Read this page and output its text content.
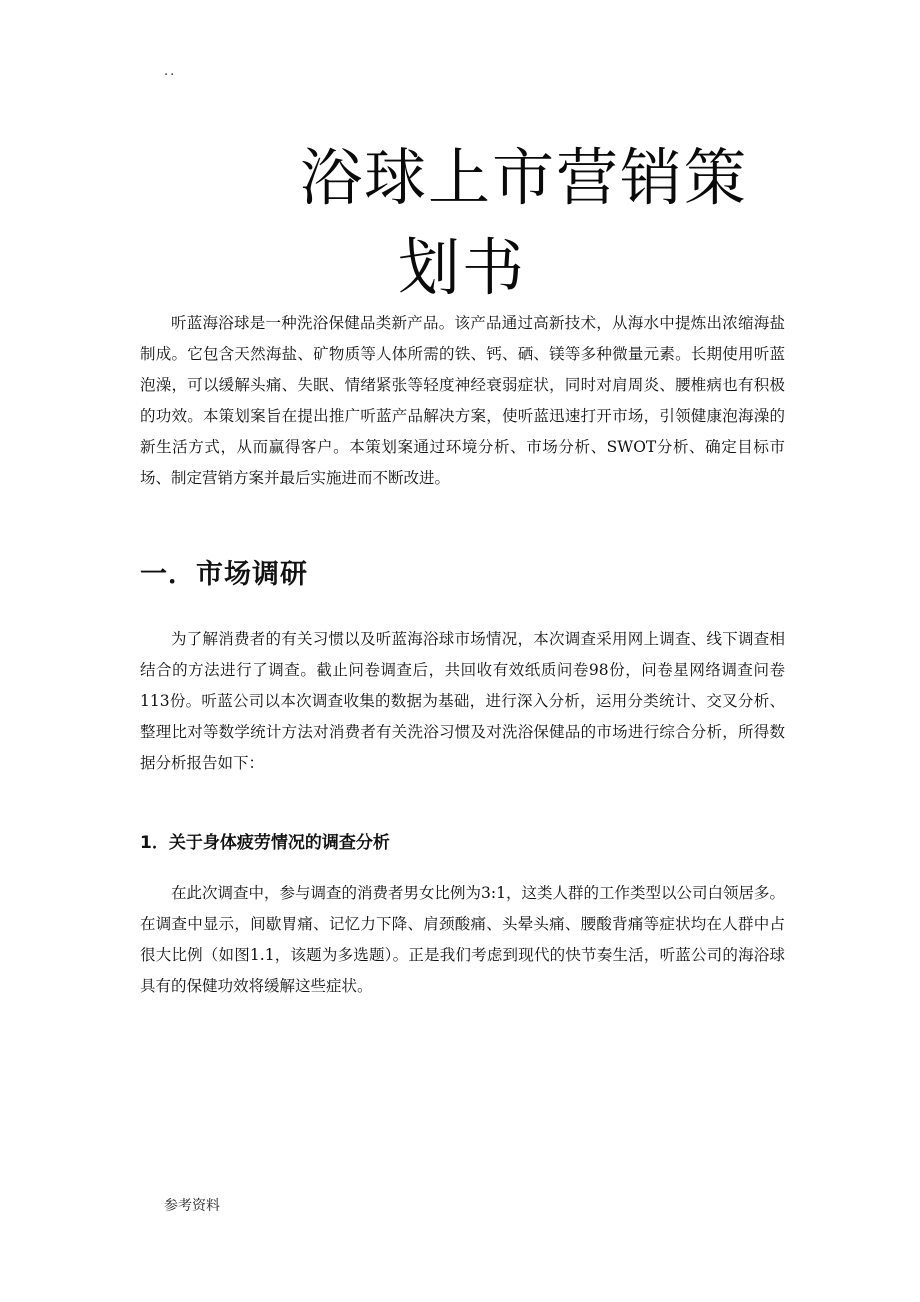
..
浴球上市营销策
划书

听蓝海浴球是一种洗浴保健品类新产品。该产品通过高新技术，从海水中提炼出浓缩海盐制成。它包含天然海盐、矿物质等人体所需的铁、钙、硒、镁等多种微量元素。长期使用听蓝泡澡，可以缓解头痛、失眠、情绪紧张等轻度神经衰弱症状，同时对肩周炎、腰椎病也有积极的功效。本策划案旨在提出推广听蓝产品解决方案，使听蓝迅速打开市场，引领健康泡海澡的新生活方式，从而赢得客户。本策划案通过环境分析、市场分析、SWOT分析、确定目标市场、制定营销方案并最后实施进而不断改进。

一．市场调研

为了解消费者的有关习惯以及听蓝海浴球市场情况，本次调查采用网上调查、线下调查相结合的方法进行了调查。截止问卷调查后，共回收有效纸质问卷98份，问卷星网络调查问卷113份。听蓝公司以本次调查收集的数据为基础，进行深入分析，运用分类统计、交叉分析、整理比对等数学统计方法对消费者有关洗浴习惯及对洗浴保健品的市场进行综合分析，所得数据分析报告如下：

1．关于身体疲劳情况的调查分析

在此次调查中，参与调查的消费者男女比例为3:1，这类人群的工作类型以公司白领居多。在调查中显示，间歇胃痛、记忆力下降、肩颈酸痛、头晕头痛、腰酸背痛等症状均在人群中占很大比例（如图1.1，该题为多选题）。正是我们考虑到现代的快节奏生活，听蓝公司的海浴球具有的保健功效将缓解这些症状。

参考资料
